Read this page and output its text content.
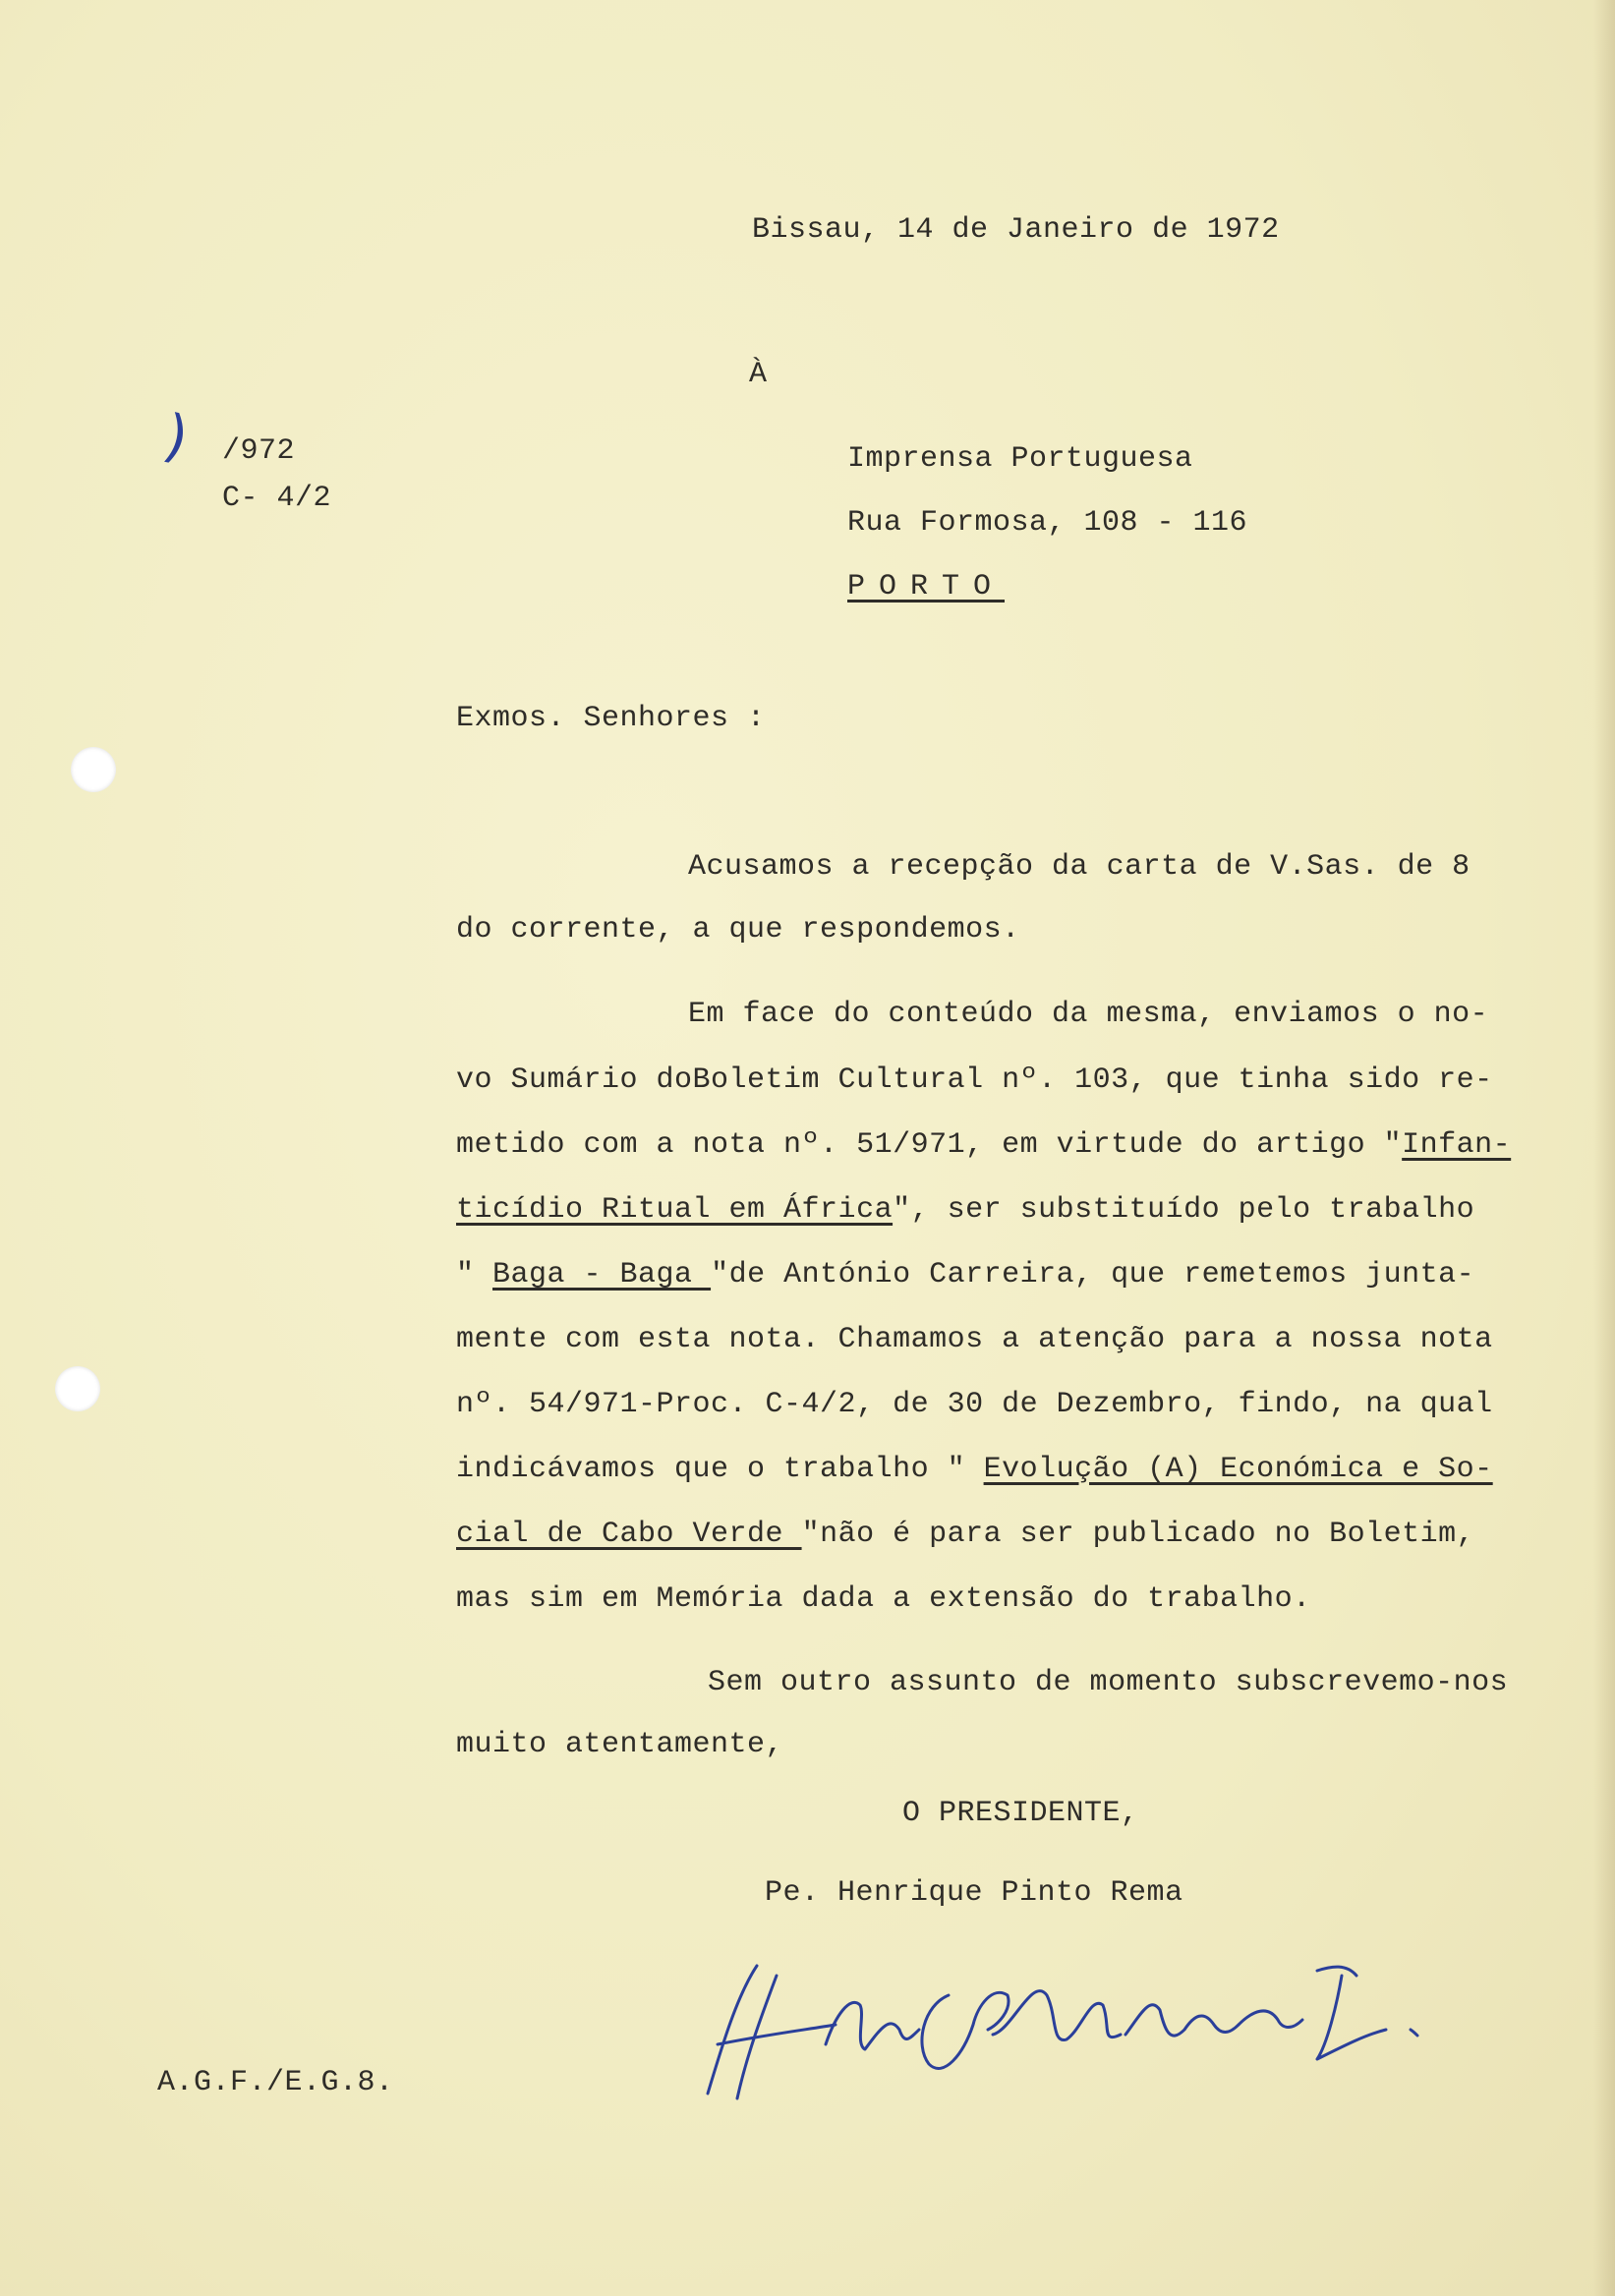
Bissau, 14 de Janeiro de 1972
À
) /972
C- 4/2
Imprensa Portuguesa
Rua Formosa, 108 - 116
PORTO
Exmos. Senhores :
Acusamos a recepção da carta de V.Sas. de 8
do corrente, a que respondemos.
Em face do conteúdo da mesma, enviamos o no-
vo Sumário doBoletim Cultural nº. 103, que tinha sido re-
metido com a nota nº. 51/971, em virtude do artigo "Infan-
ticídio Ritual em África", ser substituído pelo trabalho
" Baga - Baga "de António Carreira, que remetemos junta-
mente com esta nota. Chamamos a atenção para a nossa nota
nº. 54/971-Proc. C-4/2, de 30 de Dezembro, findo, na qual
indicávamos que o trabalho " Evolução (A) Económica e So-
cial de Cabo Verde "não é para ser publicado no Boletim,
mas sim em Memória dada a extensão do trabalho.
Sem outro assunto de momento subscrevemo-nos
muito atentamente,
O PRESIDENTE,
Pe. Henrique Pinto Rema
A.G.F./E.G.8.
